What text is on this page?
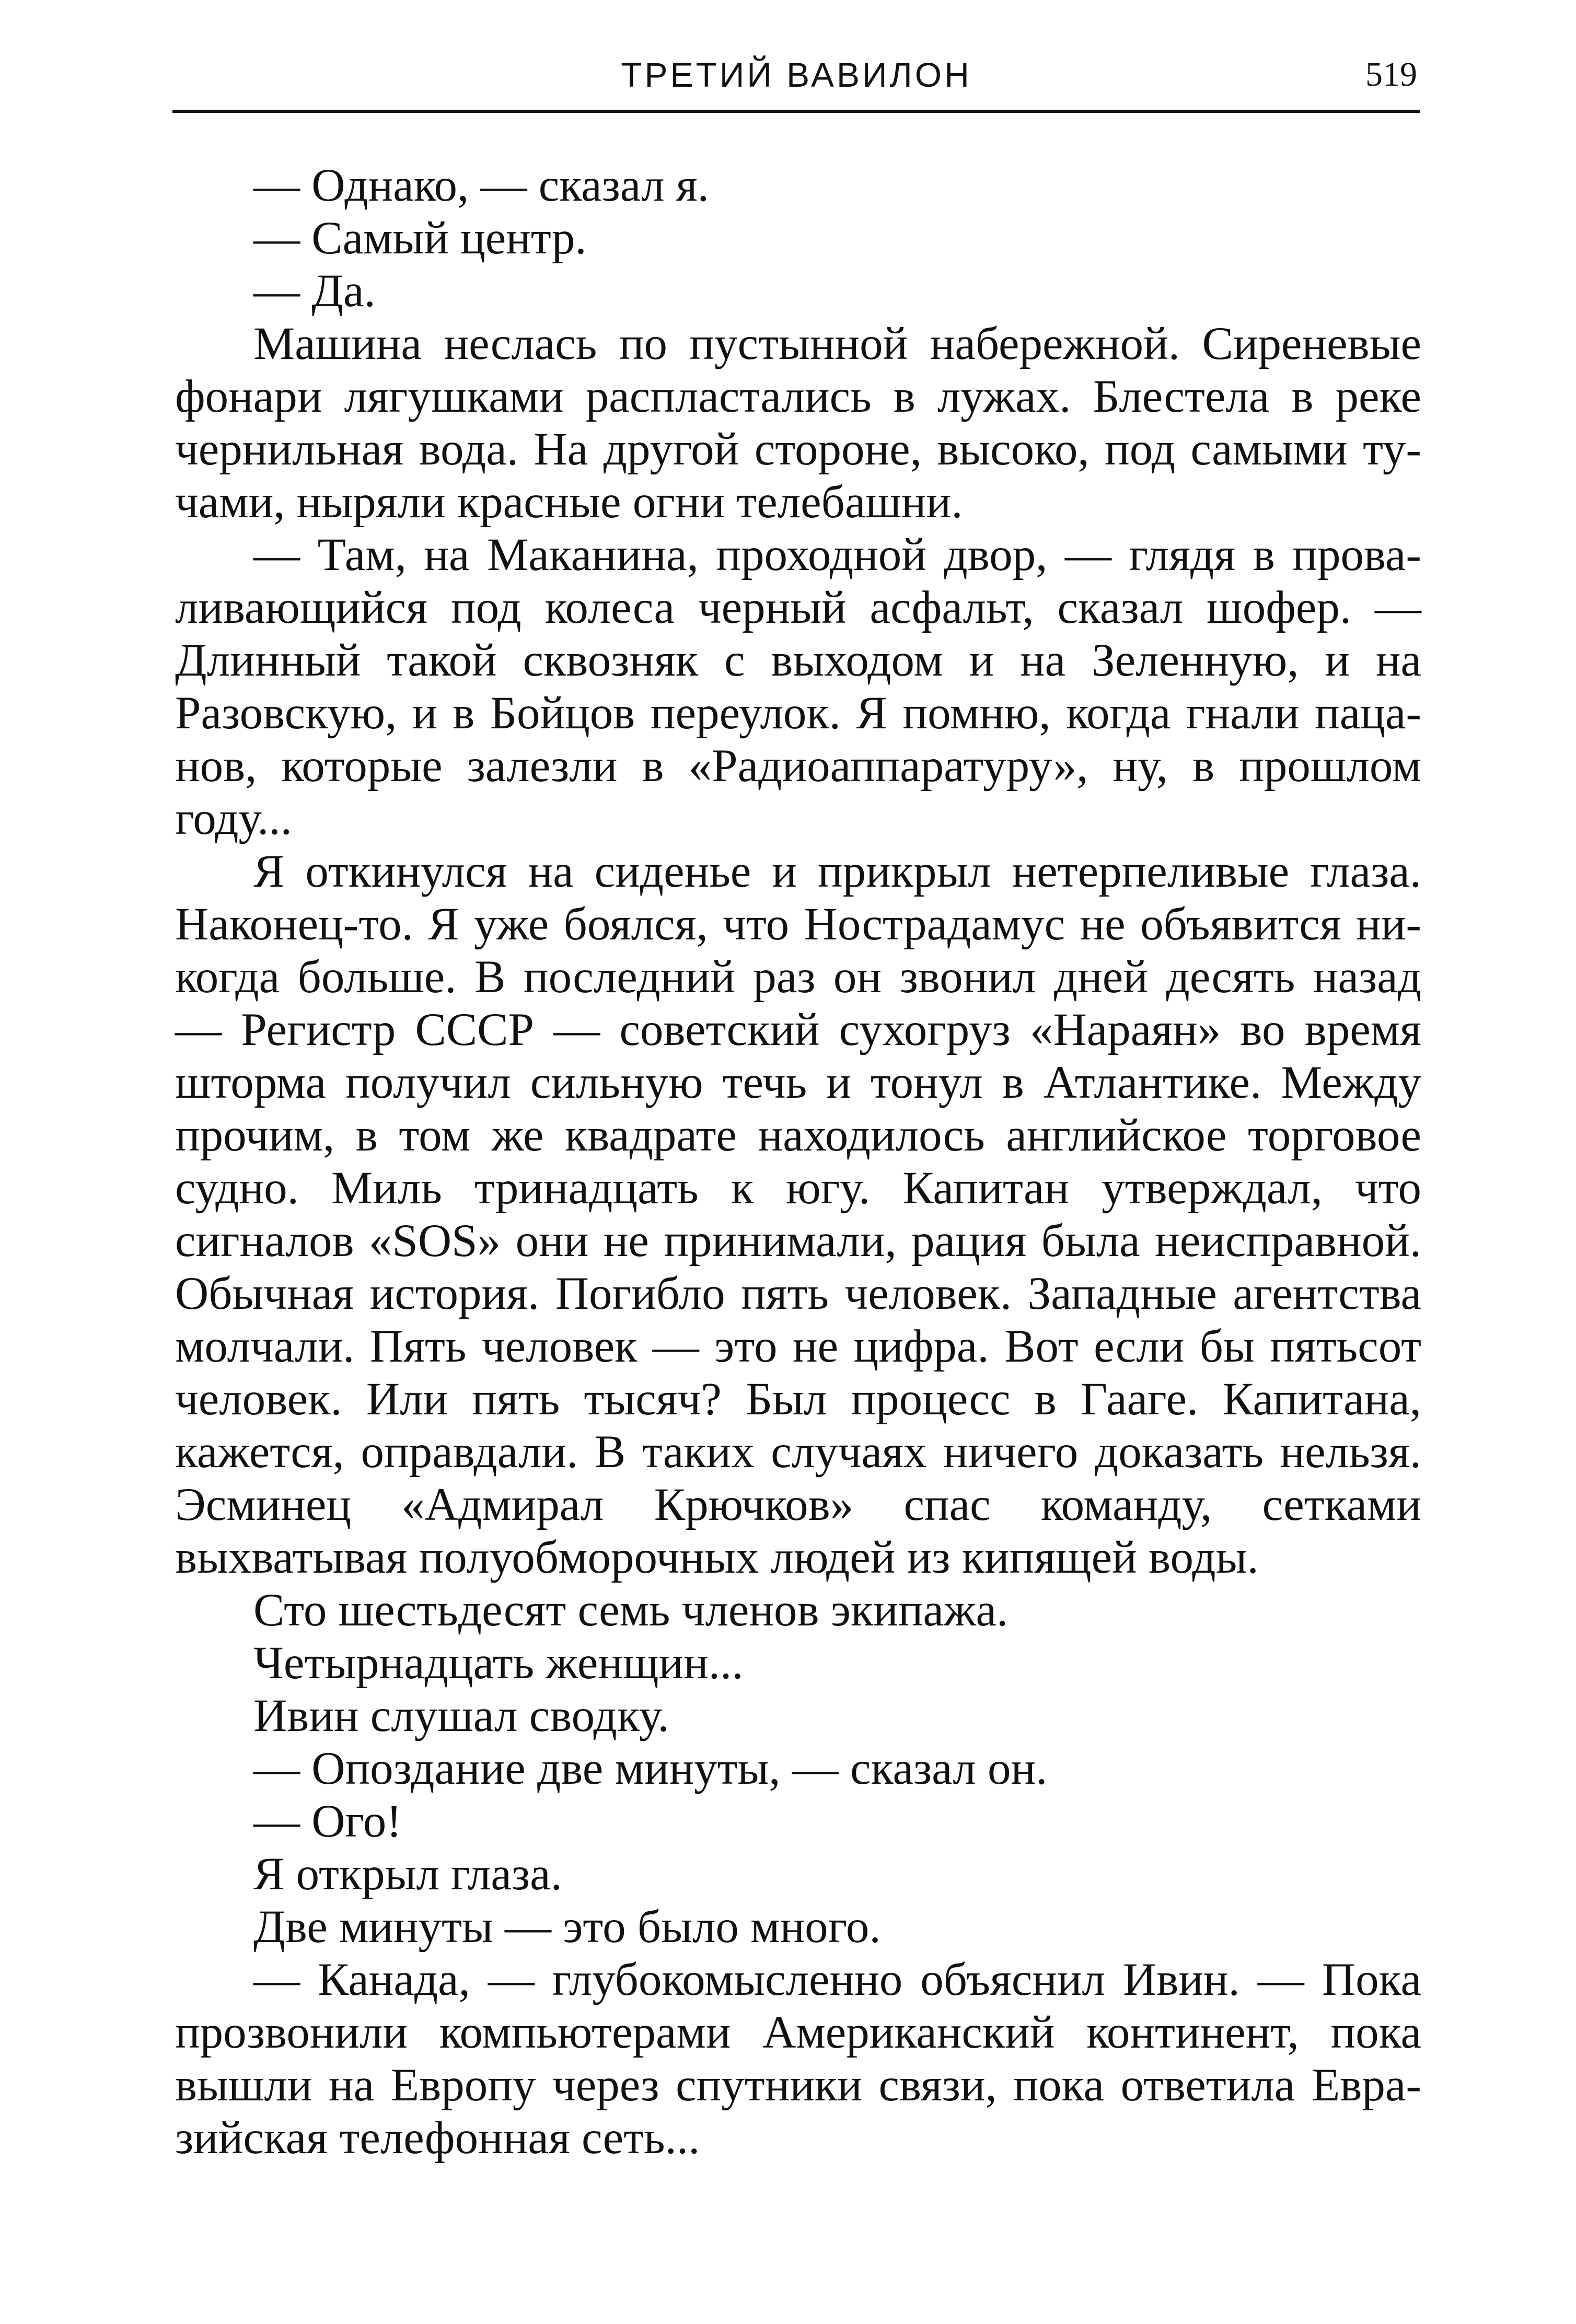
ТРЕТИЙ ВАВИЛОН	519

— Однако, — сказал я.

— Самый центр.

— Да.

Машина неслась по пустынной набережной. Сиреневые фонари лягушками распластались в лужах. Блестела в реке чернильная вода. На другой стороне, высоко, под самыми тучами, ныряли красные огни телебашни.

— Там, на Маканина, проходной двор, — глядя в проваливающийся под колеса черный асфальт, сказал шофер. — Длинный такой сквозняк с выходом и на Зеленную, и на Разовскую, и в Бойцов переулок. Я помню, когда гнали пацанов, которые залезли в «Радиоаппаратуру», ну, в прошлом году...

Я откинулся на сиденье и прикрыл нетерпеливые глаза. Наконец-то. Я уже боялся, что Нострадамус не объявится никогда больше. В последний раз он звонил дней десять назад — Регистр СССР — советский сухогруз «Нараян» во время шторма получил сильную течь и тонул в Атлантике. Между прочим, в том же квадрате находилось английское торговое судно. Миль тринадцать к югу. Капитан утверждал, что сигналов «SOS» они не принимали, рация была неисправной. Обычная история. Погибло пять человек. Западные агентства молчали. Пять человек — это не цифра. Вот если бы пятьсот человек. Или пять тысяч? Был процесс в Гааге. Капитана, кажется, оправдали. В таких случаях ничего доказать нельзя. Эсминец «Адмирал Крючков» спас команду, сетками выхватывая полуобморочных людей из кипящей воды.

Сто шестьдесят семь членов экипажа.

Четырнадцать женщин...

Ивин слушал сводку.

— Опоздание две минуты, — сказал он.

— Ого!

Я открыл глаза.

Две минуты — это было много.

— Канада, — глубокомысленно объяснил Ивин. — Пока прозвонили компьютерами Американский континент, пока вышли на Европу через спутники связи, пока ответила Евразийская телефонная сеть...
